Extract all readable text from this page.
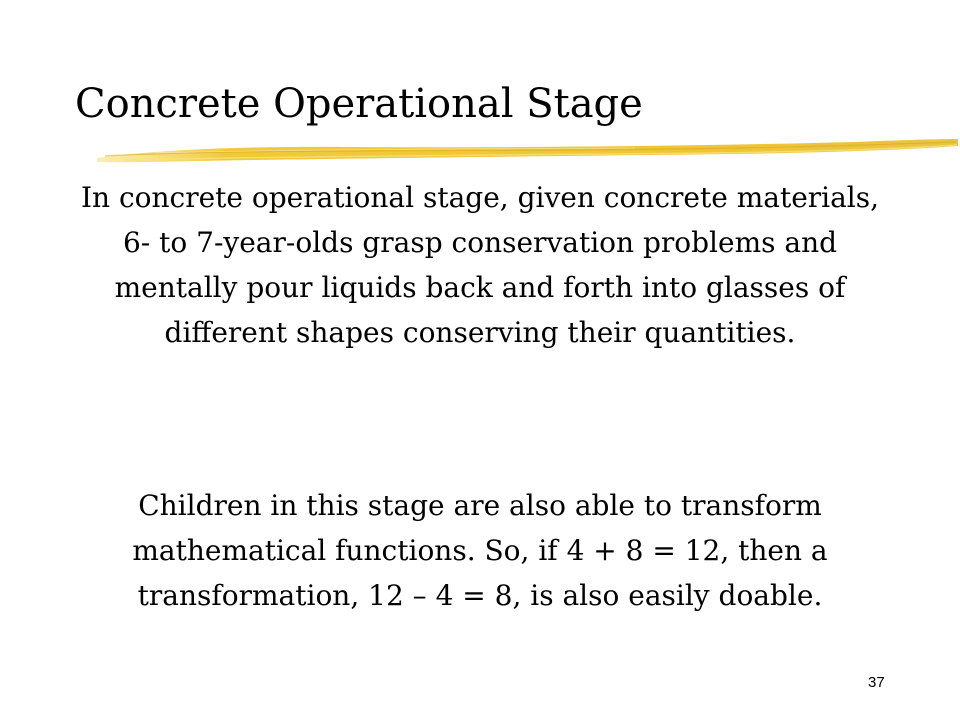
Concrete Operational Stage

In concrete operational stage, given concrete materials, 6- to 7-year-olds grasp conservation problems and mentally pour liquids back and forth into glasses of different shapes conserving their quantities.

Children in this stage are also able to transform mathematical functions. So, if 4 + 8 = 12, then a transformation, 12 – 4 = 8, is also easily doable.

37
